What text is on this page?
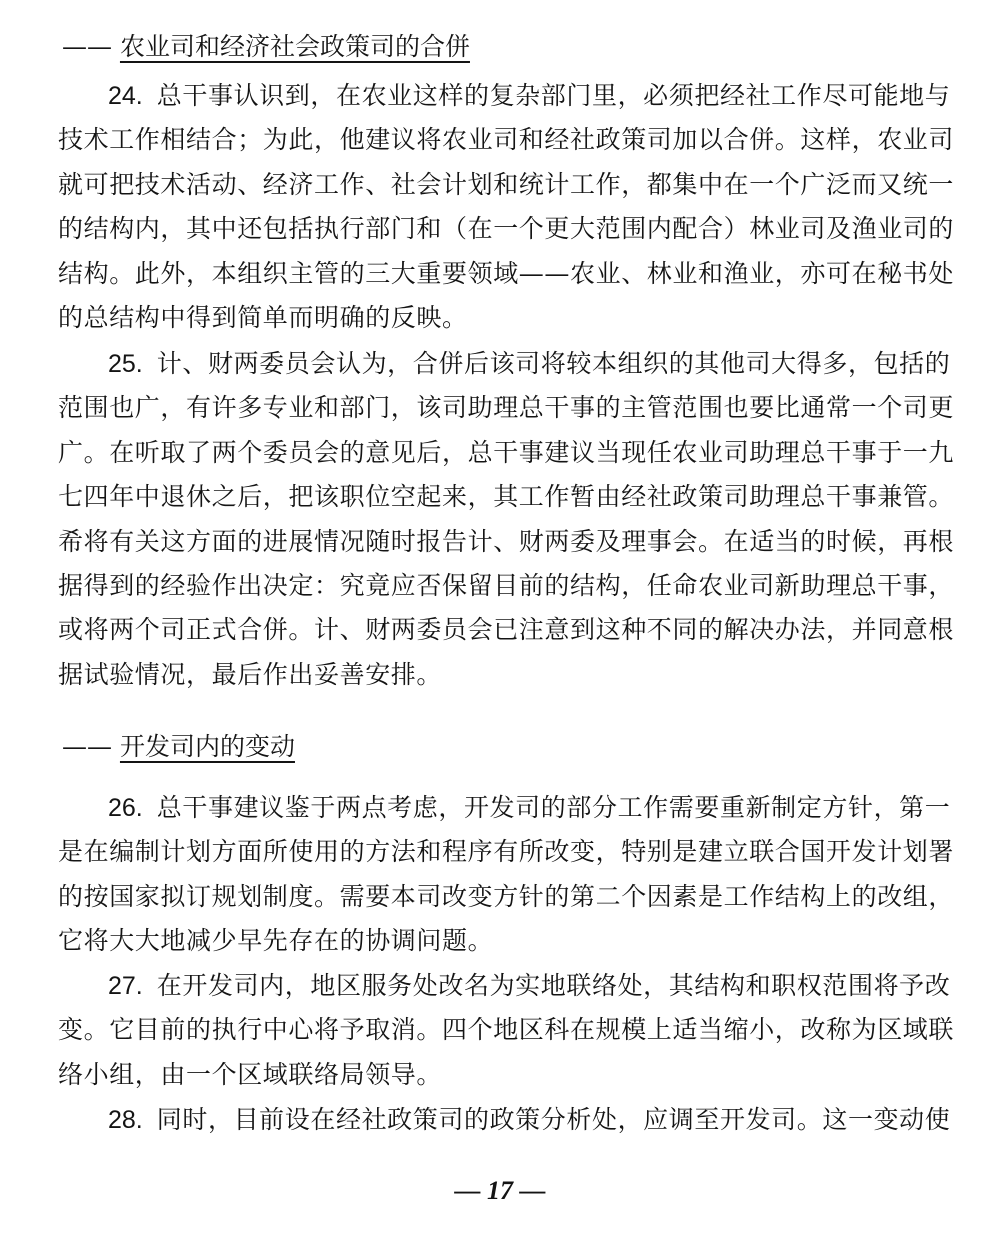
—— 农业司和经济社会政策司的合併

24. 总干事认识到，在农业这样的复杂部门里，必须把经社工作尽可能地与技术工作相结合；为此，他建议将农业司和经社政策司加以合併。这样，农业司就可把技术活动、经济工作、社会计划和统计工作，都集中在一个广泛而又统一的结构内，其中还包括执行部门和（在一个更大范围内配合）林业司及渔业司的结构。此外，本组织主管的三大重要领域——农业、林业和渔业，亦可在秘书处的总结构中得到简单而明确的反映。

25. 计、财两委员会认为，合併后该司将较本组织的其他司大得多，包括的范围也广，有许多专业和部门，该司助理总干事的主管范围也要比通常一个司更广。在听取了两个委员会的意见后，总干事建议当现任农业司助理总干事于一九七四年中退休之后，把该职位空起来，其工作暂由经社政策司助理总干事兼管。希将有关这方面的进展情况随时报告计、财两委及理事会。在适当的时候，再根据得到的经验作出决定：究竟应否保留目前的结构，任命农业司新助理总干事，或将两个司正式合併。计、财两委员会已注意到这种不同的解决办法，并同意根据试验情况，最后作出妥善安排。

—— 开发司内的变动

26. 总干事建议鉴于两点考虑，开发司的部分工作需要重新制定方针，第一是在编制计划方面所使用的方法和程序有所改变，特别是建立联合国开发计划署的按国家拟订规划制度。需要本司改变方针的第二个因素是工作结构上的改组，它将大大地减少早先存在的协调问题。

27. 在开发司内，地区服务处改名为实地联络处，其结构和职权范围将予改变。它目前的执行中心将予取消。四个地区科在规模上适当缩小，改称为区域联络小组，由一个区域联络局领导。

28. 同时，目前设在经社政策司的政策分析处，应调至开发司。这一变动使

— 17 —
